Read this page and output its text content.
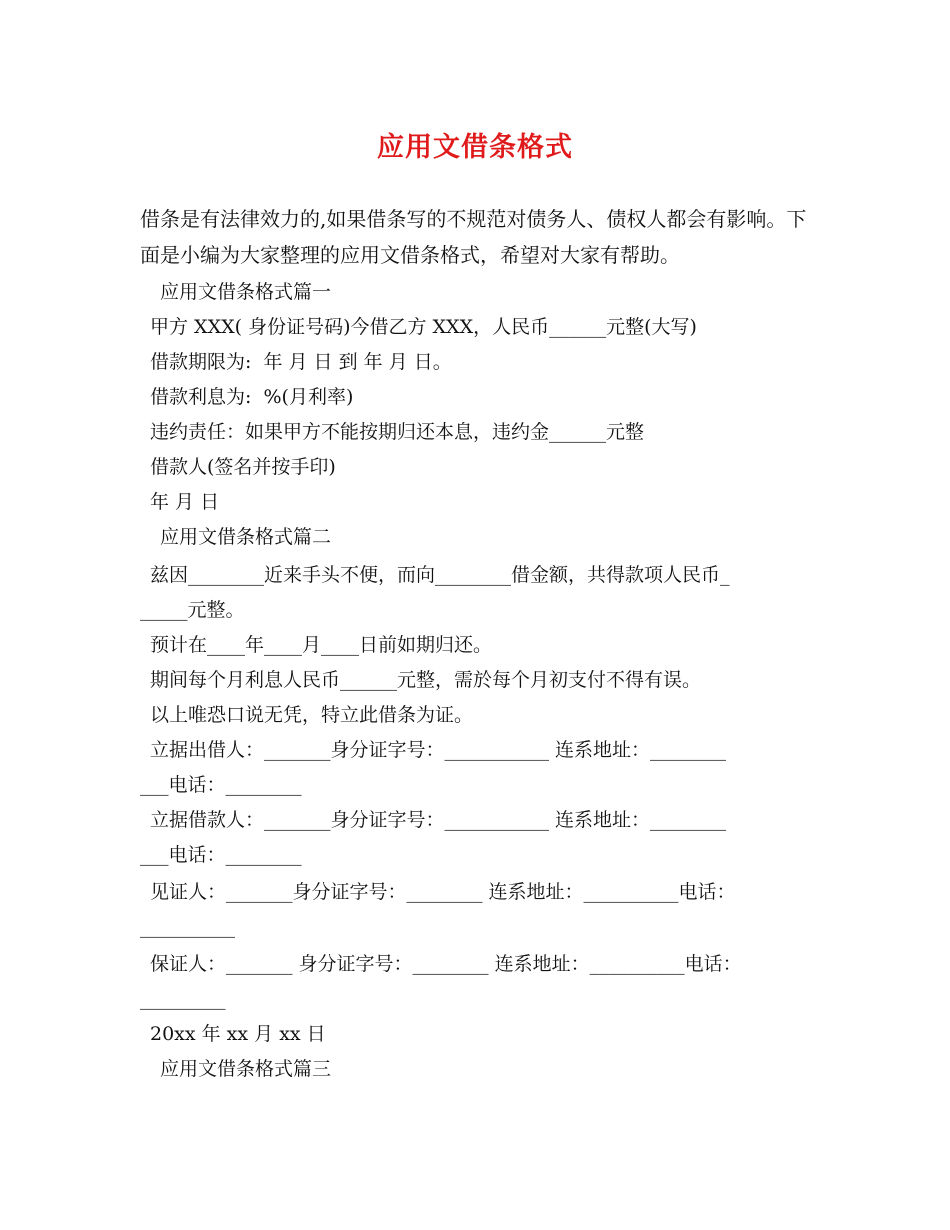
应用文借条格式

借条是有法律效力的,如果借条写的不规范对债务人、债权人都会有影响。下面是小编为大家整理的应用文借条格式，希望对大家有帮助。

应用文借条格式篇一
甲方 XXX( 身份证号码)今借乙方 XXX，人民币______元整(大写)
借款期限为:  年 月 日 到 年 月 日。
借款利息为:  %(月利率)
违约责任：如果甲方不能按期归还本息，违约金______元整
借款人(签名并按手印)
年 月 日
应用文借条格式篇二
兹因________近来手头不便，而向________借金额，共得款项人民币_
_____元整。
预计在____年____月____日前如期归还。
期间每个月利息人民币______元整，需於每个月初支付不得有误。
以上唯恐口说无凭，特立此借条为证。
立据出借人：_______身分证字号：___________ 连系地址：________
___电话：________
立据借款人：_______身分证字号：___________ 连系地址：________
___电话：________
见证人：_______身分证字号：________ 连系地址：__________电话：
__________
保证人：_______ 身分证字号：________ 连系地址：__________电话：
_________
20xx 年 xx 月 xx 日
应用文借条格式篇三
